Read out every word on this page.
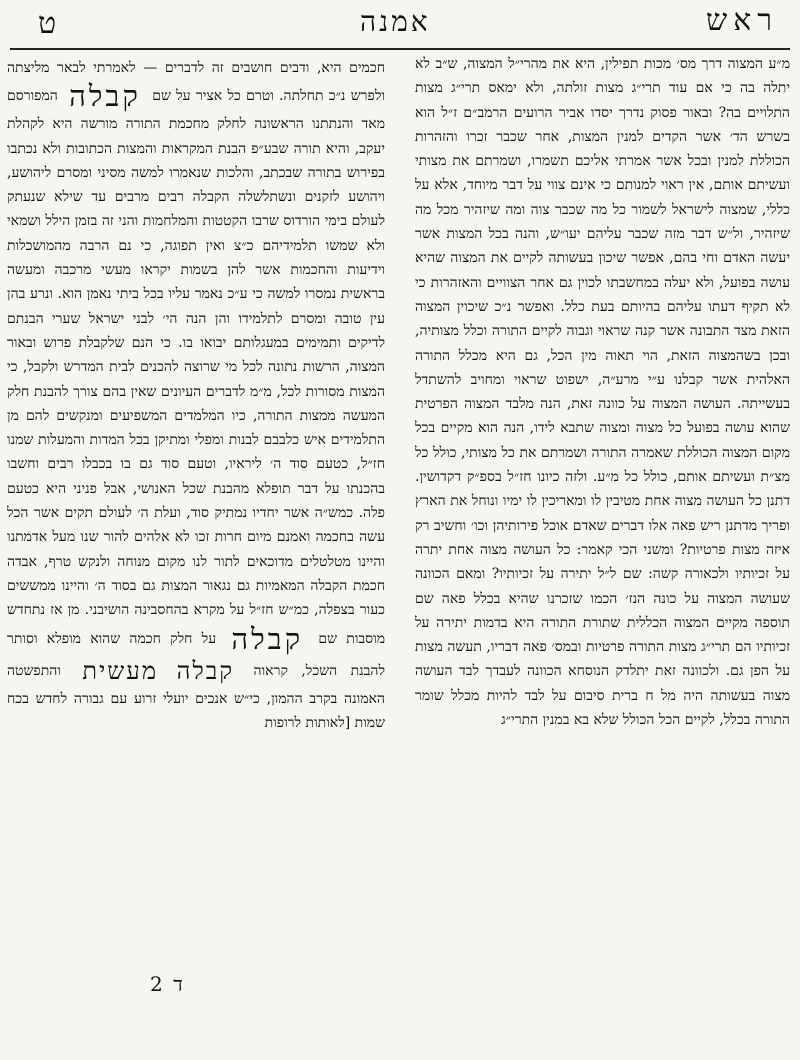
ראש
אמנה
ט

מ״ע המצוה דרך מס׳ מכות תפילין, היא את מהרי״ל המצוה, ש״ב לא יתלה בה כי אם עוד תרי״ג מצות זולתה, ולא ימאס תרי״ג מצות התלויים בה? ובאור פסוק נדרך יסדו אביר הרועים הרמב״ם ז״ל הוא בשרש הד׳ אשר הקדים למנין המצות, אחר שכבר זכרו והזהרות הכוללת למנין ובכל אשר אמרתי אליכם תשמרו, ושמרתם את מצותי ועשיתם אותם, אין ראוי למנותם כי אינם צווי על דבר מיוחד, אלא על כללי, שמצוה לישראל לשמור כל מה שכבר צוה ומה שיזהיר מכל מה שיזהיר, ול״ש דבר מזה שכבר עליהם יעו״ש, והנה בכל המצות אשר יעשה האדם וחי בהם, אפשר שיכון בעשותה לקיים את המצוה שהיא עושה בפועל, ולא יעלה במחשבתו לכוין גם אחר הצוויים והאזהרות כי לא תקיף דעתו עליהם בהיותם בעת כלל. ואפשר נ״כ שיכוין המצוה הזאת מצד התבונה אשר קנה שראוי וגבוה לקיים התורה וכלל מצותיה, ובכן בשהמצוה הזאת, הוי תאוה מין הכל, גם היא מכלל התורה האלהית אשר קבלנו ע״י מרע״ה, ישפוט שראוי ומחויב להשתדל בעשייתה. העושה המצוה על כוונה זאת, הנה מלבד המצוה הפרטית שהוא עושה בפועל כל מצוה ומצוה שתבא לידו, הנה הוא מקיים בכל מקום המצוה הכוללת שאמרה התורה ושמרתם את כל מצותי, כולל כל מצ״ת ועשיתם אותם, כולל כל מ״ע. ולזה כיונו חז״ל בספ״ק דקדושין. דתנן כל העושה מצוה אחת מטיבין לו ומאריכין לו ימיו ונוחל את הארץ ופריך מדתנן ריש פאה אלו דברים שאדם אוכל פירותיהן וכו׳ וחשיב רק איזה מצות פרטיות? ומשני הכי קאמר: כל העושה מצוה אחת יתרה על זכיותיו ולכאורה קשה: שם ל״ל יתירה על זכיותיו? ומאם הכוונה שעושה המצוה על כונה הנז׳ הכמו שזכרנו שהיא בכלל פאה שם תוספה מקיים המצוה הכללית שתורת התורה היא בדמות יתירה על זכיותיו הם תרי״ג מצות התורה פרטיות ובמס׳ פאה דבריו, תעשה מצות על הפן גם. ולכוונה זאת יתלדק הנוסחא הכוונה לעבדך לבד העושה מצוה בעשותה היה מל ח ברית סיבום על לבד להיות מכלל שומר התורה בכלל, לקיים הכל הכולל שלא בא במנין התרי״ג

חכמים היא, ודבים חושבים זה לדברים — לאמרתי לבאר מליצתה ולפרש נ״כ תחלתה. וטרם כל אציר על שם קבלה המפורסם מאד והנתתנו הראשונה לחלק מחכמת התורה מורשה היא לקהלת יעקב, והיא תורה שבע״פ הבנת המקראות והמצות הכתובות ולא נכתבו בפירוש בתורה שבכתב, והלכות שנאמרו למשה מסיני ומסרם ליהושע, ויהושע לזקנים ונשתלשלה הקבלה רבים מרבים עד שילא שנעתק לעולם בימי הורדוס שרבו הקטטות והמלחמות והני זה בזמן הילל ושמאי ולא שמשו תלמידיהם כ״צ ואין תפוגה, כי נם הרבה מהמושכלות וידיעות והחכמות אשר להן בשמות יקראו מעשי מרכבה ומעשה בראשית נמסרו למשה כי ע״כ נאמר עליו בכל ביתי נאמן הוא. ונרע בהן עין טובה ומסרם לתלמידו והן הנה הי׳ לבני ישראל שערי הבנתם לדיקים ותמימים במעגלותם יבואו בו. כי הנם שלקבלת פרוש ובאור המצוה, הרשות נתונה לכל מי שרוצה להכנים לבית המדרש ולקבל, כי המצות מסורות לכל, מ״מ לדברים העיונים שאין בהם צורך להבנת חלק המעשה ממצות התורה, כיו המלמדים המשפיעים ומנקשים להם מן התלמידים איש כלבבם לבנות ומפלי ומתיקן בכל המדות והמעלות שמנו חז״ל, כטעם סוד ה׳ ליראיו, וטעם סוד גם בו בכבלו רבים וחשבו בהכנתו על דבר תופלא מהבנת שכל האנושי, אבל פניני היא כטעם פלה. כמש״ה אשר יחדיו נמתיק סוד, ועלת ה׳ לעולם תקים אשר הכל עשה בחכמה ואמנם מיום חרות זכו לא אלהים להור שנו מעל אדמתנו והיינו מטלטלים מדוכאים לתור לנו מקום מנוחה ולנקש טרף, אבדה חכמת הקבלה המאמיות גם נגאור המצות גם בסוד ה׳ והיינו ממששים כעור בצפלה, כמ״ש חז״ל על מקרא בהחסבינה הושיבני. מן אז נתחדש מוסבות שם קבלה על חלק חכמה שהוא מופלא וסותר להבנת השכל, קראוה קבלה מעשית והתפשטה האמונה בקרב ההמון, כי״ש אנכים יועלי זרוע עם גבורה לחדש בכח שמות [לאותות לרופות

ד 2
